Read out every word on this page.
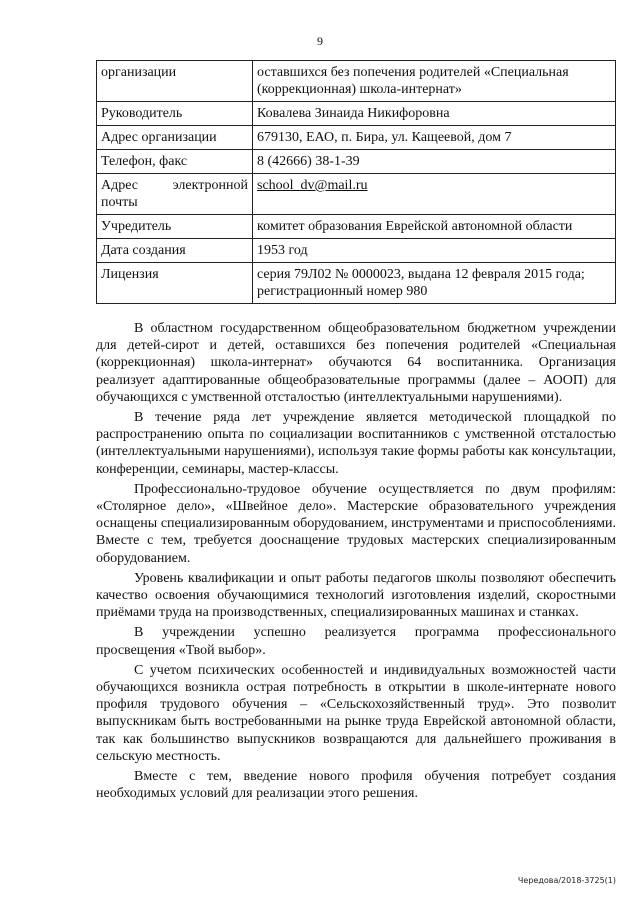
9
организации	оставшихся без попечения родителей «Специальная (коррекционная) школа-интернат»
Руководитель	Ковалева Зинаида Никифоровна
Адрес организации	679130, ЕАО, п. Бира, ул. Кащеевой, дом 7
Телефон, факс	8 (42666) 38-1-39
Адрес электронной почты	school_dv@mail.ru
Учредитель	комитет образования Еврейской автономной области
Дата создания	1953 год
Лицензия	серия 79Л02 № 0000023, выдана 12 февраля 2015 года; регистрационный номер 980

В областном государственном общеобразовательном бюджетном учреждении для детей-сирот и детей, оставшихся без попечения родителей «Специальная (коррекционная) школа-интернат» обучаются 64 воспитанника. Организация реализует адаптированные общеобразовательные программы (далее – АООП) для обучающихся с умственной отсталостью (интеллектуальными нарушениями).

В течение ряда лет учреждение является методической площадкой по распространению опыта по социализации воспитанников с умственной отсталостью (интеллектуальными нарушениями), используя такие формы работы как консультации, конференции, семинары, мастер-классы.

Профессионально-трудовое обучение осуществляется по двум профилям: «Столярное дело», «Швейное дело». Мастерские образовательного учреждения оснащены специализированным оборудованием, инструментами и приспособлениями. Вместе с тем, требуется дооснащение трудовых мастерских специализированным оборудованием.

Уровень квалификации и опыт работы педагогов школы позволяют обеспечить качество освоения обучающимися технологий изготовления изделий, скоростными приёмами труда на производственных, специализированных машинах и станках.

В учреждении успешно реализуется программа профессионального просвещения «Твой выбор».

С учетом психических особенностей и индивидуальных возможностей части обучающихся возникла острая потребность в открытии в школе-интернате нового профиля трудового обучения – «Сельскохозяйственный труд». Это позволит выпускникам быть востребованными на рынке труда Еврейской автономной области, так как большинство выпускников возвращаются для дальнейшего проживания в сельскую местность.

Вместе с тем, введение нового профиля обучения потребует создания необходимых условий для реализации этого решения.

Чередова/2018-3725(1)
